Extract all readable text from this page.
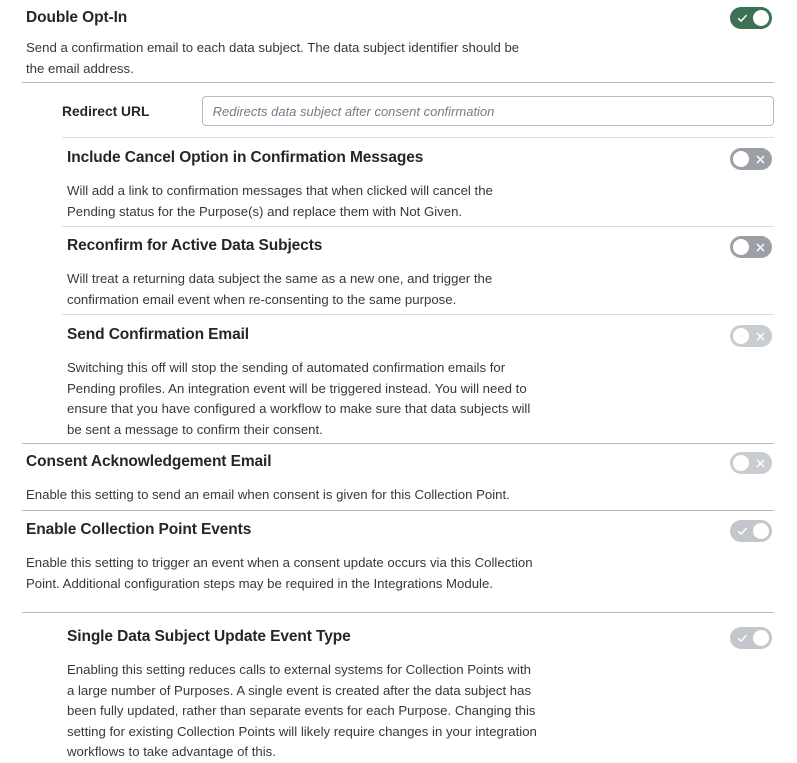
Double Opt-In
Send a confirmation email to each data subject. The data subject identifier should be the email address.
Redirect URL
Redirects data subject after consent confirmation
Include Cancel Option in Confirmation Messages
Will add a link to confirmation messages that when clicked will cancel the Pending status for the Purpose(s) and replace them with Not Given.
Reconfirm for Active Data Subjects
Will treat a returning data subject the same as a new one, and trigger the confirmation email event when re-consenting to the same purpose.
Send Confirmation Email
Switching this off will stop the sending of automated confirmation emails for Pending profiles. An integration event will be triggered instead. You will need to ensure that you have configured a workflow to make sure that data subjects will be sent a message to confirm their consent.
Consent Acknowledgement Email
Enable this setting to send an email when consent is given for this Collection Point.
Enable Collection Point Events
Enable this setting to trigger an event when a consent update occurs via this Collection Point. Additional configuration steps may be required in the Integrations Module.
Single Data Subject Update Event Type
Enabling this setting reduces calls to external systems for Collection Points with a large number of Purposes. A single event is created after the data subject has been fully updated, rather than separate events for each Purpose. Changing this setting for existing Collection Points will likely require changes in your integration workflows to take advantage of this.
